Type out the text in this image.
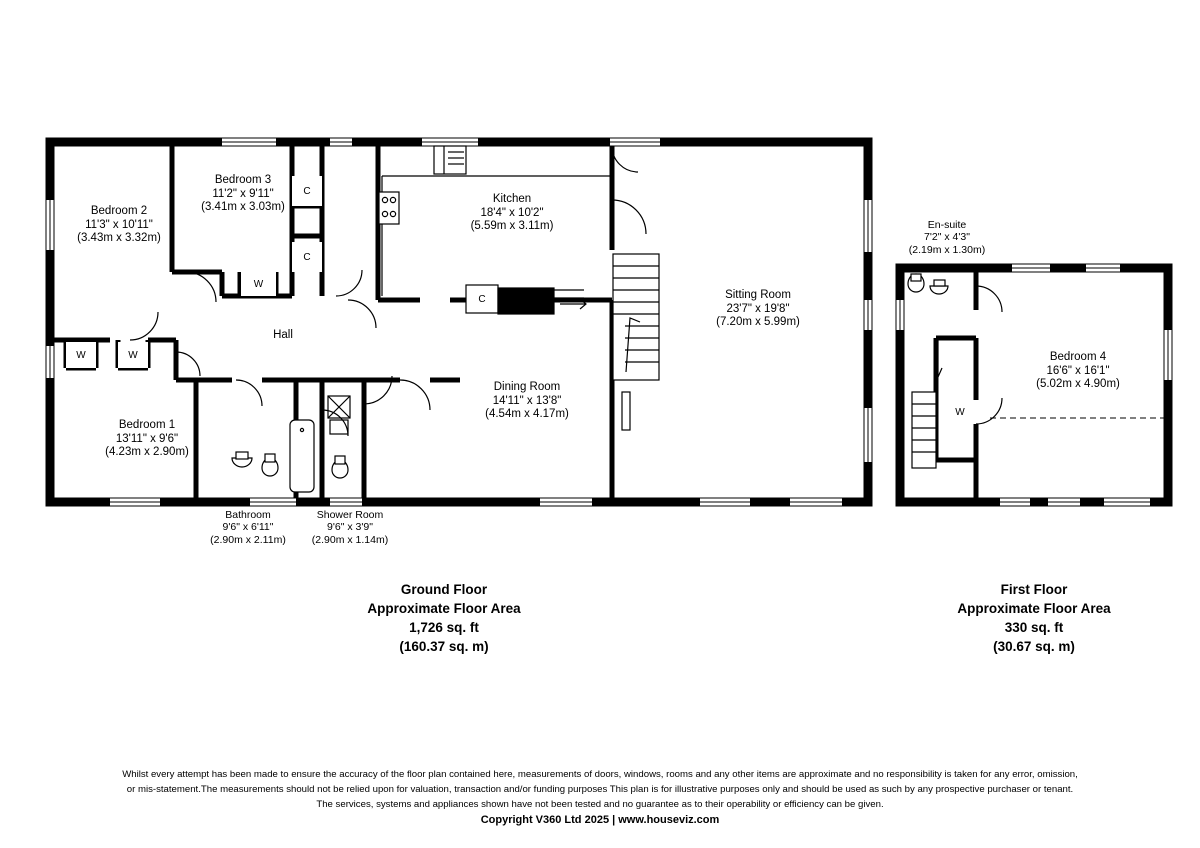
Bedroom 2
11'3" x 10'11"
(3.43m x 3.32m)
Bedroom 3
11'2" x 9'11"
(3.41m x 3.03m)
Kitchen
18'4" x 10'2"
(5.59m x 3.11m)
Sitting Room
23'7" x 19'8"
(7.20m x 5.99m)
Dining Room
14'11" x 13'8"
(4.54m x 4.17m)
Bedroom 1
13'11" x 9'6"
(4.23m x 2.90m)
Bathroom
9'6" x 6'11"
(2.90m x 2.11m)
Shower Room
9'6" x 3'9"
(2.90m x 1.14m)
Hall
C
C
C
W
W	W
En-suite
7'2" x 4'3"
(2.19m x 1.30m)
Bedroom 4
16'6" x 16'1"
(5.02m x 4.90m)
W
Ground Floor
Approximate Floor Area
1,726 sq. ft
(160.37 sq. m)
First Floor
Approximate Floor Area
330 sq. ft
(30.67 sq. m)
Whilst every attempt has been made to ensure the accuracy of the floor plan contained here, measurements of doors, windows, rooms and any other items are approximate and no responsibility is taken for any error, omission,
or mis-statement.The measurements should not be relied upon for valuation, transaction and/or funding purposes This plan is for illustrative purposes only and should be used as such by any prospective purchaser or tenant.
The services, systems and appliances shown have not been tested and no guarantee as to their operability or efficiency can be given.
Copyright V360 Ltd 2025 | www.houseviz.com
